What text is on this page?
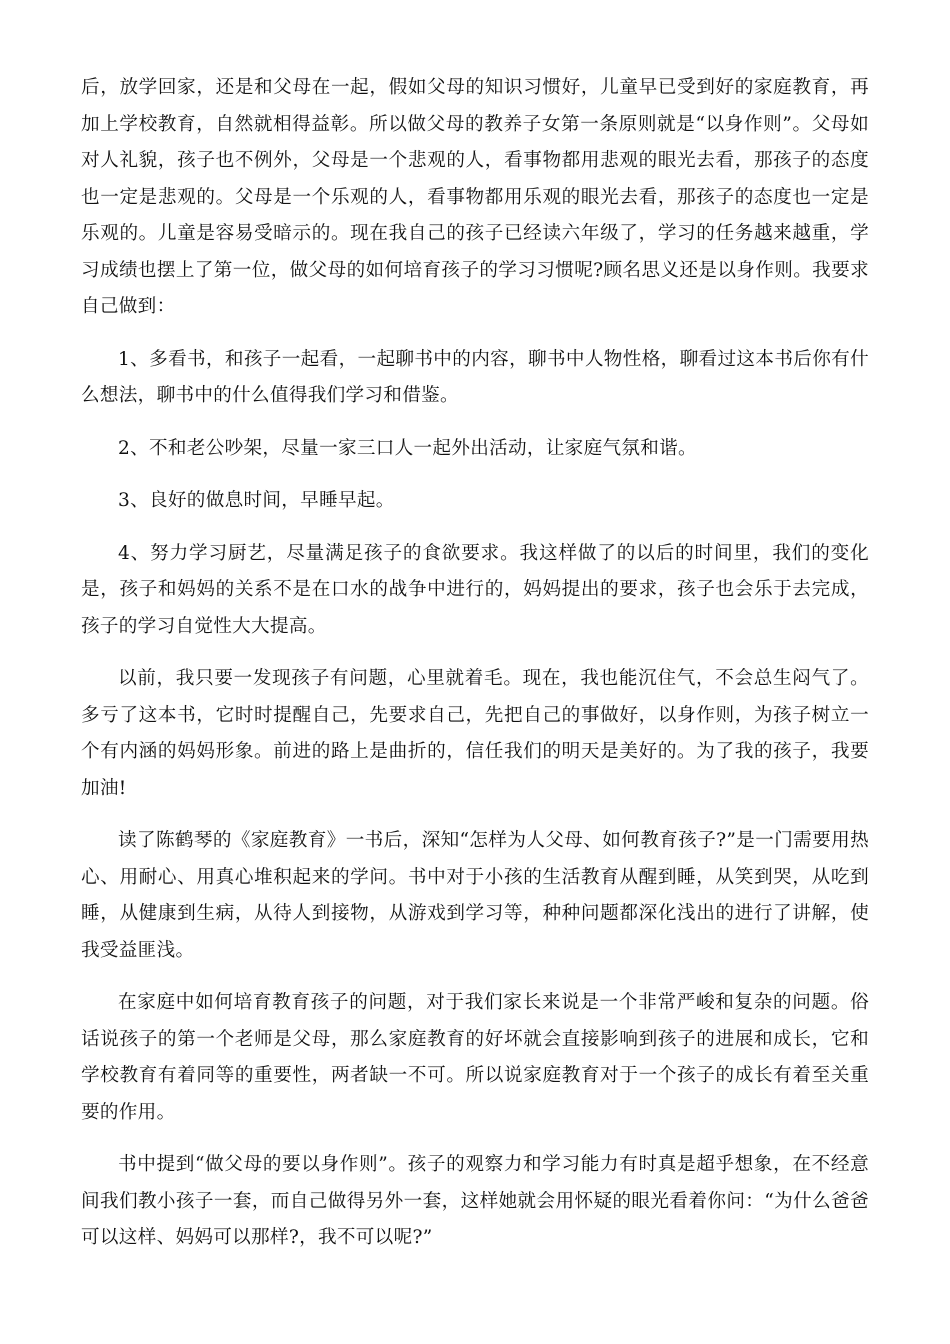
后，放学回家，还是和父母在一起，假如父母的知识习惯好，儿童早已受到好的家庭教育，再加上学校教育，自然就相得益彰。所以做父母的教养子女第一条原则就是“以身作则”。父母如对人礼貌，孩子也不例外，父母是一个悲观的人，看事物都用悲观的眼光去看，那孩子的态度也一定是悲观的。父母是一个乐观的人，看事物都用乐观的眼光去看，那孩子的态度也一定是乐观的。儿童是容易受暗示的。现在我自己的孩子已经读六年级了，学习的任务越来越重，学习成绩也摆上了第一位，做父母的如何培育孩子的学习习惯呢?顾名思义还是以身作则。我要求自己做到：

1、多看书，和孩子一起看，一起聊书中的内容，聊书中人物性格，聊看过这本书后你有什么想法，聊书中的什么值得我们学习和借鉴。

2、不和老公吵架，尽量一家三口人一起外出活动，让家庭气氛和谐。

3、良好的做息时间，早睡早起。

4、努力学习厨艺，尽量满足孩子的食欲要求。我这样做了的以后的时间里，我们的变化是，孩子和妈妈的关系不是在口水的战争中进行的，妈妈提出的要求，孩子也会乐于去完成，孩子的学习自觉性大大提高。

以前，我只要一发现孩子有问题，心里就着毛。现在，我也能沉住气，不会总生闷气了。多亏了这本书，它时时提醒自己，先要求自己，先把自己的事做好，以身作则，为孩子树立一个有内涵的妈妈形象。前进的路上是曲折的，信任我们的明天是美好的。为了我的孩子，我要加油!

读了陈鹤琴的《家庭教育》一书后，深知“怎样为人父母、如何教育孩子?”是一门需要用热心、用耐心、用真心堆积起来的学问。书中对于小孩的生活教育从醒到睡，从笑到哭，从吃到睡，从健康到生病，从待人到接物，从游戏到学习等，种种问题都深化浅出的进行了讲解，使我受益匪浅。

在家庭中如何培育教育孩子的问题，对于我们家长来说是一个非常严峻和复杂的问题。俗话说孩子的第一个老师是父母，那么家庭教育的好坏就会直接影响到孩子的进展和成长，它和学校教育有着同等的重要性，两者缺一不可。所以说家庭教育对于一个孩子的成长有着至关重要的作用。

书中提到“做父母的要以身作则”。孩子的观察力和学习能力有时真是超乎想象，在不经意间我们教小孩子一套，而自己做得另外一套，这样她就会用怀疑的眼光看着你问：“为什么爸爸可以这样、妈妈可以那样?，我不可以呢?”
